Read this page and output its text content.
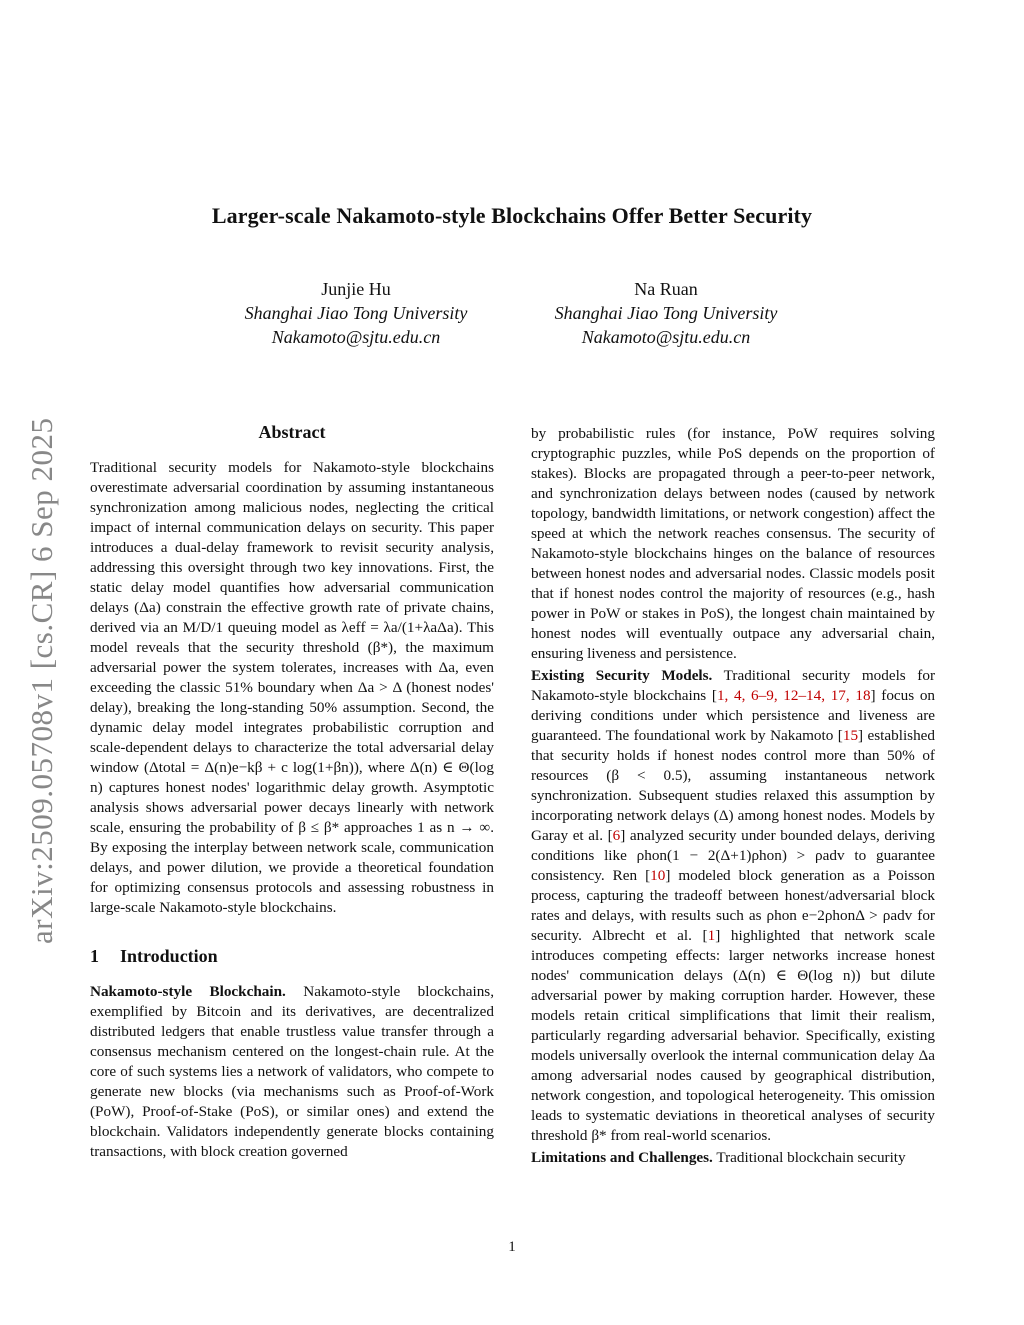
Larger-scale Nakamoto-style Blockchains Offer Better Security
Junjie Hu
Shanghai Jiao Tong University
Nakamoto@sjtu.edu.cn
Na Ruan
Shanghai Jiao Tong University
Nakamoto@sjtu.edu.cn
arXiv:2509.05708v1 [cs.CR] 6 Sep 2025	Abstract

Traditional security models for Nakamoto-style blockchains overestimate adversarial coordination by assuming instantaneous synchronization among malicious nodes, neglecting the critical impact of internal communication delays on security. This paper introduces a dual-delay framework to revisit security analysis, addressing this oversight through two key innovations. First, the static delay model quantifies how adversarial communication delays (Δa) constrain the effective growth rate of private chains, derived via an M/D/1 queuing model as λeff = λa/(1+λaΔa). This model reveals that the security threshold (β*), the maximum adversarial power the system tolerates, increases with Δa, even exceeding the classic 51% boundary when Δa > Δ (honest nodes' delay), breaking the long-standing 50% assumption. Second, the dynamic delay model integrates probabilistic corruption and scale-dependent delays to characterize the total adversarial delay window (Δtotal = Δ(n)e−kβ + c log(1+βn)), where Δ(n) ∈ Θ(log n) captures honest nodes' logarithmic delay growth. Asymptotic analysis shows adversarial power decays linearly with network scale, ensuring the probability of β ≤ β* approaches 1 as n → ∞. By exposing the interplay between network scale, communication delays, and power dilution, we provide a theoretical foundation for optimizing consensus protocols and assessing robustness in large-scale Nakamoto-style blockchains.

1 Introduction

Nakamoto-style Blockchain. Nakamoto-style blockchains, exemplified by Bitcoin and its derivatives, are decentralized distributed ledgers that enable trustless value transfer through a consensus mechanism centered on the longest-chain rule. At the core of such systems lies a network of validators, who compete to generate new blocks (via mechanisms such as Proof-of-Work (PoW), Proof-of-Stake (PoS), or similar ones) and extend the blockchain. Validators independently generate blocks containing transactions, with block creation governed

by probabilistic rules (for instance, PoW requires solving cryptographic puzzles, while PoS depends on the proportion of stakes). Blocks are propagated through a peer-to-peer network, and synchronization delays between nodes (caused by network topology, bandwidth limitations, or network congestion) affect the speed at which the network reaches consensus. The security of Nakamoto-style blockchains hinges on the balance of resources between honest nodes and adversarial nodes. Classic models posit that if honest nodes control the majority of resources (e.g., hash power in PoW or stakes in PoS), the longest chain maintained by honest nodes will eventually outpace any adversarial chain, ensuring liveness and persistence.

Existing Security Models. Traditional security models for Nakamoto-style blockchains [1, 4, 6–9, 12–14, 17, 18] focus on deriving conditions under which persistence and liveness are guaranteed. The foundational work by Nakamoto [15] established that security holds if honest nodes control more than 50% of resources (β < 0.5), assuming instantaneous network synchronization. Subsequent studies relaxed this assumption by incorporating network delays (Δ) among honest nodes. Models by Garay et al. [6] analyzed security under bounded delays, deriving conditions like ρhon(1 − 2(Δ+1)ρhon) > ρadv to guarantee consistency. Ren [10] modeled block generation as a Poisson process, capturing the tradeoff between honest/adversarial block rates and delays, with results such as ρhon e−2ρhonΔ > ρadv for security. Albrecht et al. [1] highlighted that network scale introduces competing effects: larger networks increase honest nodes' communication delays (Δ(n) ∈ Θ(log n)) but dilute adversarial power by making corruption harder. However, these models retain critical simplifications that limit their realism, particularly regarding adversarial behavior. Specifically, existing models universally overlook the internal communication delay Δa among adversarial nodes caused by geographical distribution, network congestion, and topological heterogeneity. This omission leads to systematic deviations in theoretical analyses of security threshold β* from real-world scenarios.

Limitations and Challenges. Traditional blockchain security

1
